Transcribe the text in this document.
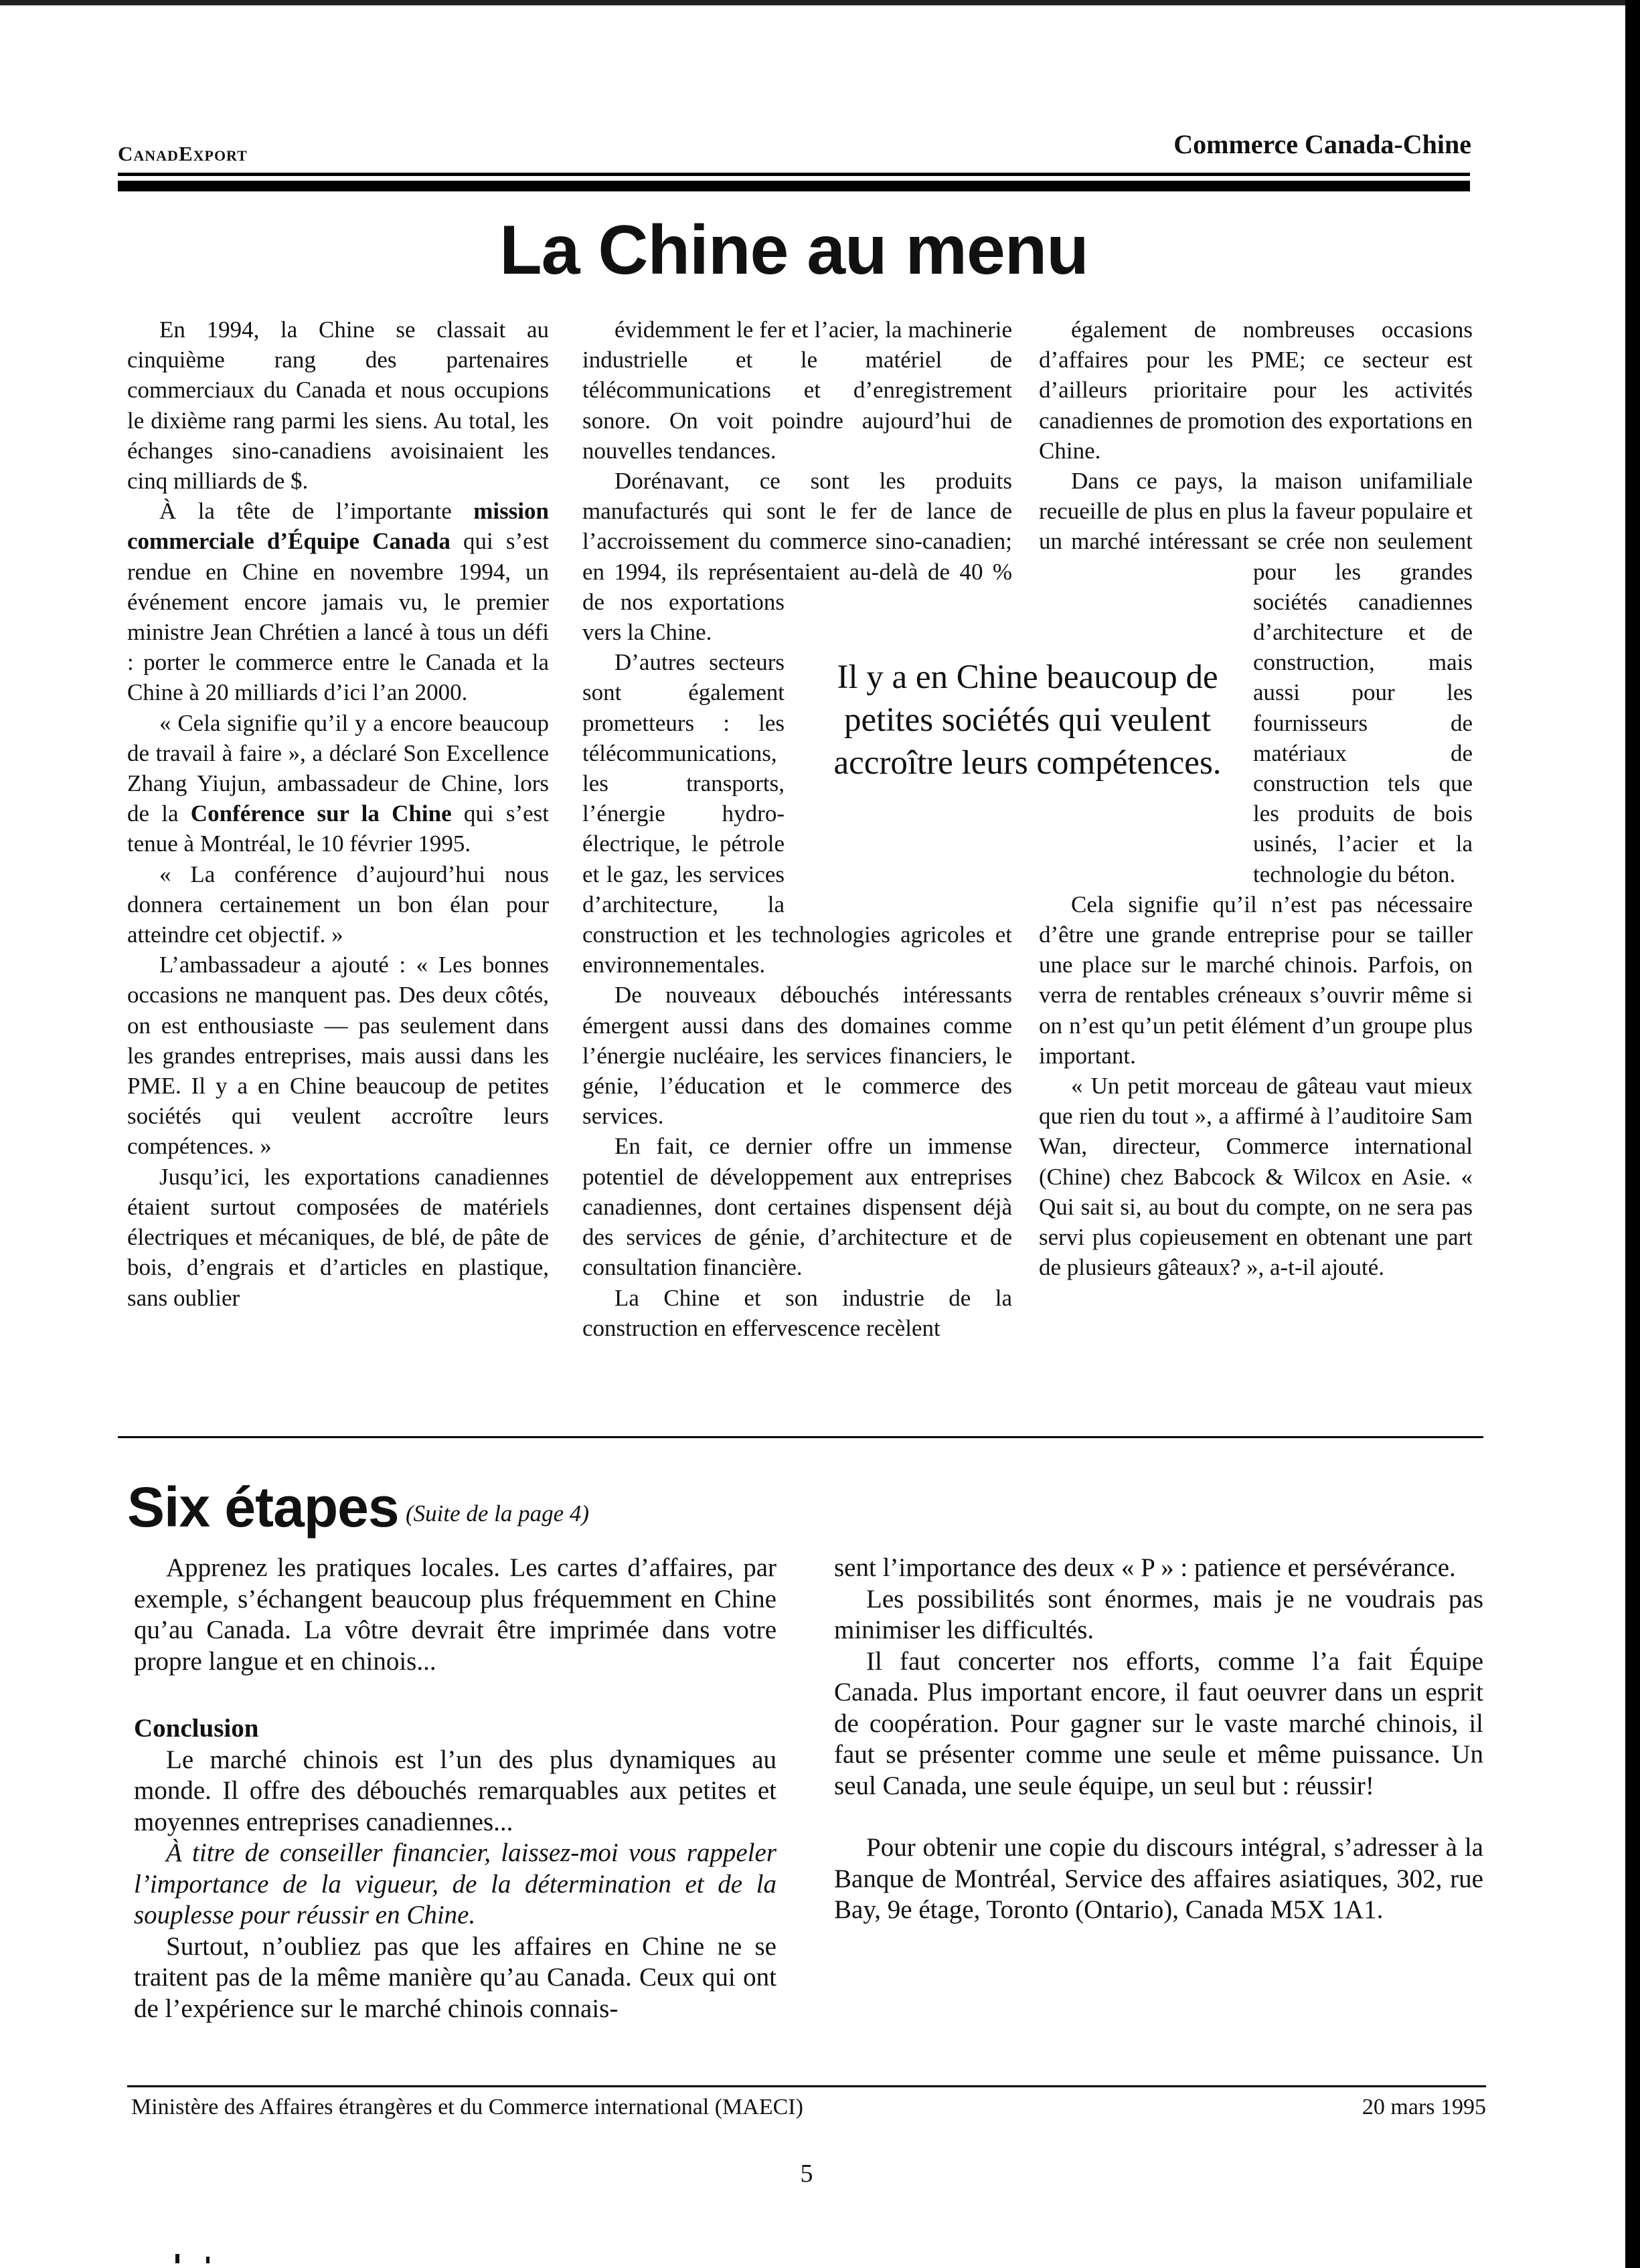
CanadExport	Commerce Canada-Chine
La Chine au menu

En 1994, la Chine se classait au cinquième rang des partenaires commerciaux du Canada et nous occupions le dixième rang parmi les siens. Au total, les échanges sino-canadiens avoisinaient les cinq milliards de $.

À la tête de l’importante mission commerciale d’Équipe Canada qui s’est rendue en Chine en novembre 1994, un événement encore jamais vu, le premier ministre Jean Chrétien a lancé à tous un défi : porter le commerce entre le Canada et la Chine à 20 milliards d’ici l’an 2000.

« Cela signifie qu’il y a encore beaucoup de travail à faire », a déclaré Son Excellence Zhang Yiujun, ambassadeur de Chine, lors de la Conférence sur la Chine qui s’est tenue à Montréal, le 10 février 1995.

« La conférence d’aujourd’hui nous donnera certainement un bon élan pour atteindre cet objectif. »

L’ambassadeur a ajouté : « Les bonnes occasions ne manquent pas. Des deux côtés, on est enthousiaste — pas seulement dans les grandes entreprises, mais aussi dans les PME. Il y a en Chine beaucoup de petites sociétés qui veulent accroître leurs compétences. »

Jusqu’ici, les exportations canadiennes étaient surtout composées de matériels électriques et mécaniques, de blé, de pâte de bois, d’engrais et d’articles en plastique, sans oublier

évidemment le fer et l’acier, la machinerie industrielle et le matériel de télécommunications et d’enregistrement sonore. On voit poindre aujourd’hui de nouvelles tendances.

Dorénavant, ce sont les produits manufacturés qui sont le fer de lance de l’accroissement du commerce sino-canadien; en 1994, ils représentaient au-delà de 40 % de nos exportations vers la Chine.

D’autres secteurs sont également prometteurs : les télécommunications, les transports, l’énergie hydro-électrique, le pétrole et le gaz, les services d’architecture, la construction et les technologies agricoles et environnementales.

De nouveaux débouchés intéressants émergent aussi dans des domaines comme l’énergie nucléaire, les services financiers, le génie, l’éducation et le commerce des services.

En fait, ce dernier offre un immense potentiel de développement aux entreprises canadiennes, dont certaines dispensent déjà des services de génie, d’architecture et de consultation financière.

La Chine et son industrie de la construction en effervescence recèlent

également de nombreuses occasions d’affaires pour les PME; ce secteur est d’ailleurs prioritaire pour les activités canadiennes de promotion des exportations en Chine.

Dans ce pays, la maison unifamiliale recueille de plus en plus la faveur populaire et un marché intéressant se crée non seulement pour les grandes sociétés canadiennes d’architecture et de construction, mais aussi pour les fournisseurs de matériaux de construction tels que les produits de bois usinés, l’acier et la technologie du béton.

Cela signifie qu’il n’est pas nécessaire d’être une grande entreprise pour se tailler une place sur le marché chinois. Parfois, on verra de rentables créneaux s’ouvrir même si on n’est qu’un petit élément d’un groupe plus important.

« Un petit morceau de gâteau vaut mieux que rien du tout », a affirmé à l’auditoire Sam Wan, directeur, Commerce international (Chine) chez Babcock & Wilcox en Asie. « Qui sait si, au bout du compte, on ne sera pas servi plus copieusement en obtenant une part de plusieurs gâteaux? », a-t-il ajouté.

Il y a en Chine beaucoup de petites sociétés qui veulent accroître leurs compétences.
Six étapes (Suite de la page 4)

Apprenez les pratiques locales. Les cartes d’affaires, par exemple, s’échangent beaucoup plus fréquemment en Chine qu’au Canada. La vôtre devrait être imprimée dans votre propre langue et en chinois...

Conclusion

Le marché chinois est l’un des plus dynamiques au monde. Il offre des débouchés remarquables aux petites et moyennes entreprises canadiennes...

À titre de conseiller financier, laissez-moi vous rappeler l’importance de la vigueur, de la détermination et de la souplesse pour réussir en Chine.

Surtout, n’oubliez pas que les affaires en Chine ne se traitent pas de la même manière qu’au Canada. Ceux qui ont de l’expérience sur le marché chinois connais-

sent l’importance des deux « P » : patience et persévérance.

Les possibilités sont énormes, mais je ne voudrais pas minimiser les difficultés.

Il faut concerter nos efforts, comme l’a fait Équipe Canada. Plus important encore, il faut oeuvrer dans un esprit de coopération. Pour gagner sur le vaste marché chinois, il faut se présenter comme une seule et même puissance. Un seul Canada, une seule équipe, un seul but : réussir!

Pour obtenir une copie du discours intégral, s’adresser à la Banque de Montréal, Service des affaires asiatiques, 302, rue Bay, 9e étage, Toronto (Ontario), Canada M5X 1A1.

Ministère des Affaires étrangères et du Commerce international (MAECI)	20 mars 1995
5
